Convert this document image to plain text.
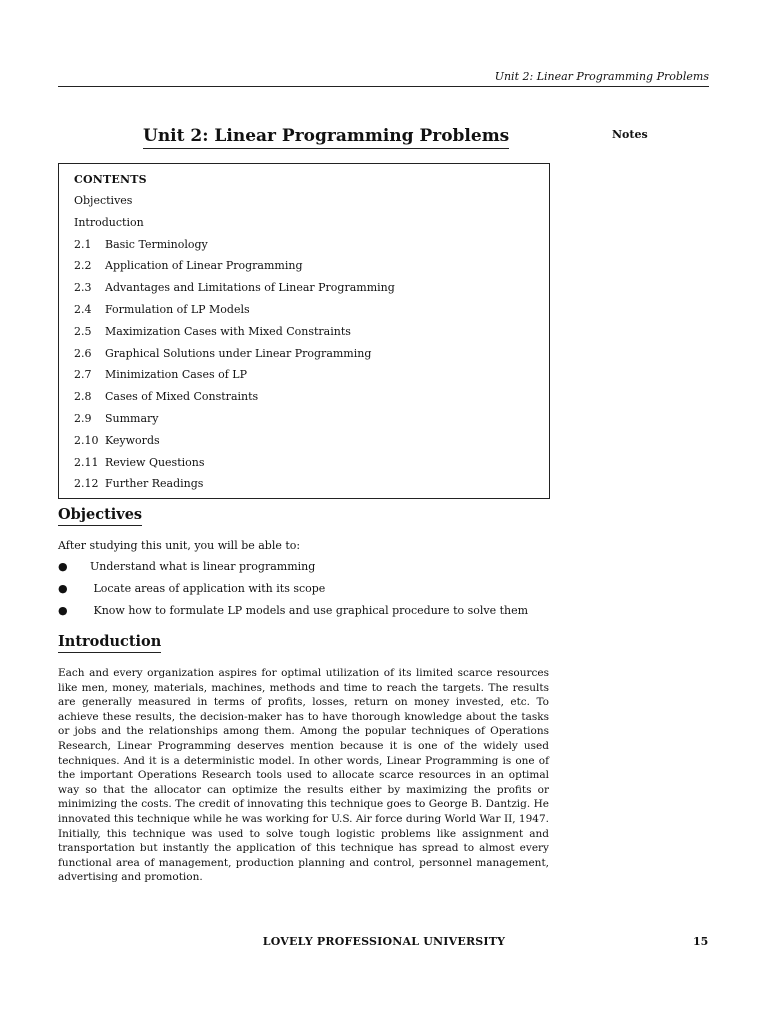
Unit 2: Linear Programming Problems
Notes
Unit 2: Linear Programming Problems
CONTENTS
Objectives
Introduction
2.1 Basic Terminology
2.2 Application of Linear Programming
2.3 Advantages and Limitations of Linear Programming
2.4 Formulation of LP Models
2.5 Maximization Cases with Mixed Constraints
2.6 Graphical Solutions under Linear Programming
2.7 Minimization Cases of LP
2.8 Cases of Mixed Constraints
2.9 Summary
2.10 Keywords
2.11 Review Questions
2.12 Further Readings
Objectives
After studying this unit, you will be able to:
● Understand what is linear programming
● Locate areas of application with its scope
● Know how to formulate LP models and use graphical procedure to solve them
Introduction

Each and every organization aspires for optimal utilization of its limited scarce resources like men, money, materials, machines, methods and time to reach the targets. The results are generally measured in terms of profits, losses, return on money invested, etc. To achieve these results, the decision-maker has to have thorough knowledge about the tasks or jobs and the relationships among them. Among the popular techniques of Operations Research, Linear Programming deserves mention because it is one of the widely used techniques. And it is a deterministic model. In other words, Linear Programming is one of the important Operations Research tools used to allocate scarce resources in an optimal way so that the allocator can optimize the results either by maximizing the profits or minimizing the costs. The credit of innovating this technique goes to George B. Dantzig. He innovated this technique while he was working for U.S. Air force during World War II, 1947. Initially, this technique was used to solve tough logistic problems like assignment and transportation but instantly the application of this technique has spread to almost every functional area of management, production planning and control, personnel management, advertising and promotion.

LOVELY PROFESSIONAL UNIVERSITY	15
